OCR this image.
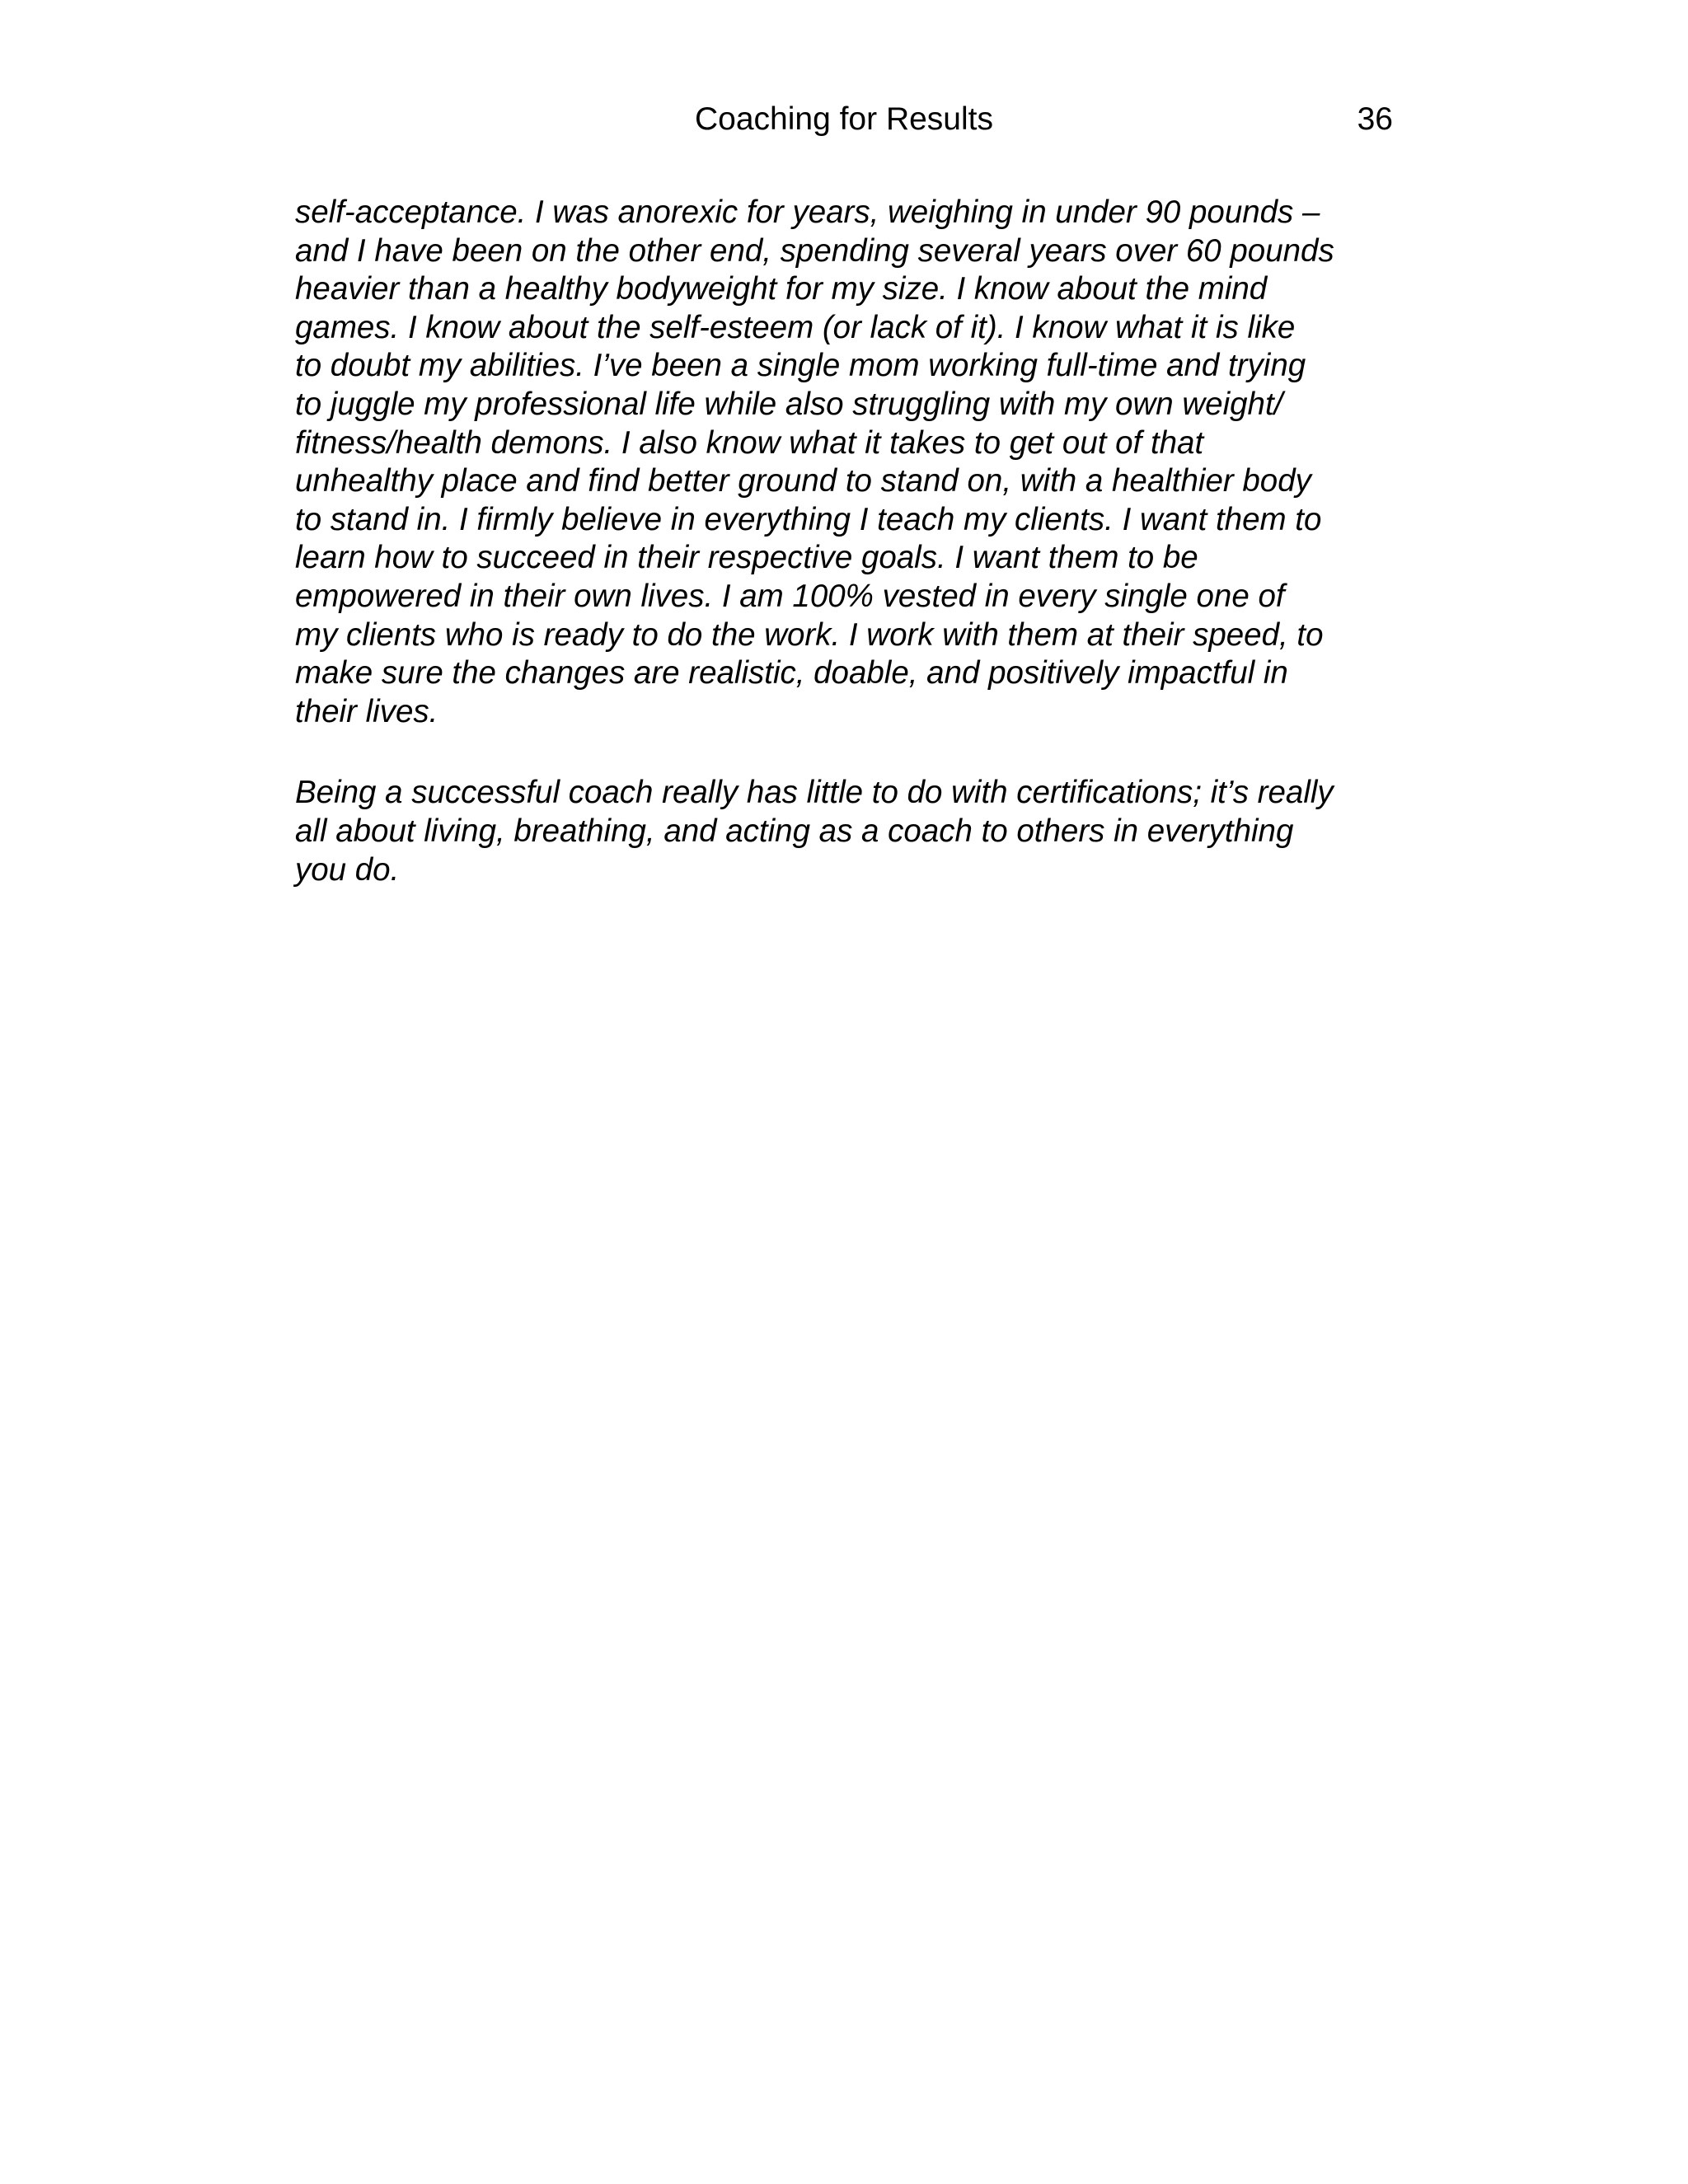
Coaching for Results	36
self-acceptance. I was anorexic for years, weighing in under 90 pounds –
and I have been on the other end, spending several years over 60 pounds
heavier than a healthy bodyweight for my size. I know about the mind
games. I know about the self-esteem (or lack of it). I know what it is like
to doubt my abilities. I’ve been a single mom working full-time and trying
to juggle my professional life while also struggling with my own weight/
fitness/health demons. I also know what it takes to get out of that
unhealthy place and find better ground to stand on, with a healthier body
to stand in. I firmly believe in everything I teach my clients. I want them to
learn how to succeed in their respective goals. I want them to be
empowered in their own lives. I am 100% vested in every single one of
my clients who is ready to do the work. I work with them at their speed, to
make sure the changes are realistic, doable, and positively impactful in
their lives.
Being a successful coach really has little to do with certifications; it’s really
all about living, breathing, and acting as a coach to others in everything
you do.
